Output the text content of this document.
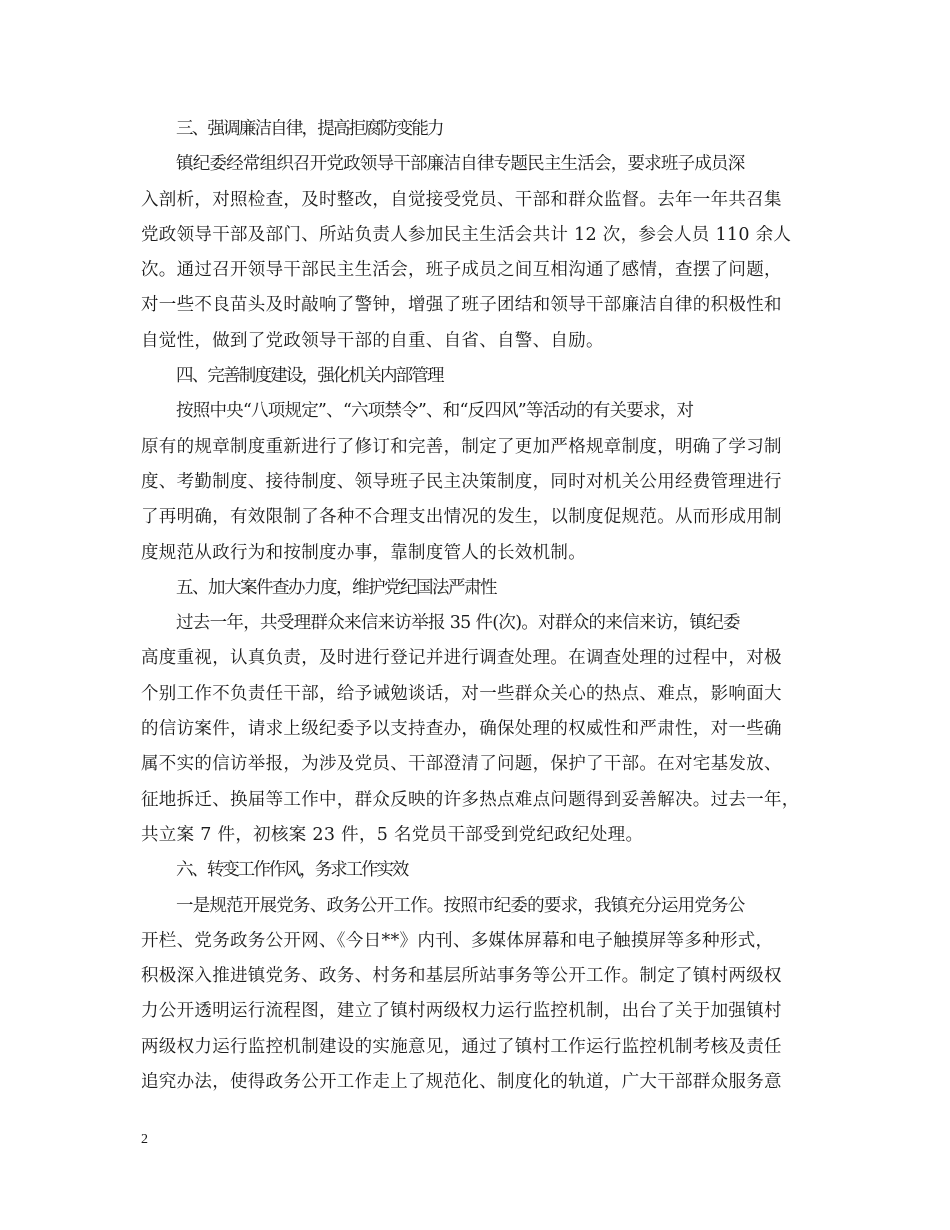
三、强调廉洁自律，提高拒腐防变能力

镇纪委经常组织召开党政领导干部廉洁自律专题民主生活会，要求班子成员深
入剖析，对照检查，及时整改，自觉接受党员、干部和群众监督。去年一年共召集
党政领导干部及部门、所站负责人参加民主生活会共计 12 次，参会人员 110 余人
次。通过召开领导干部民主生活会，班子成员之间互相沟通了感情，查摆了问题，
对一些不良苗头及时敲响了警钟，增强了班子团结和领导干部廉洁自律的积极性和
自觉性，做到了党政领导干部的自重、自省、自警、自励。

四、完善制度建设，强化机关内部管理

按照中央“八项规定”、“六项禁令”、和“反四风”等活动的有关要求，对
原有的规章制度重新进行了修订和完善，制定了更加严格规章制度，明确了学习制
度、考勤制度、接待制度、领导班子民主决策制度，同时对机关公用经费管理进行
了再明确，有效限制了各种不合理支出情况的发生，以制度促规范。从而形成用制
度规范从政行为和按制度办事，靠制度管人的长效机制。

五、加大案件查办力度，维护党纪国法严肃性

过去一年，共受理群众来信来访举报 35 件(次)。对群众的来信来访，镇纪委
高度重视，认真负责，及时进行登记并进行调查处理。在调查处理的过程中，对极
个别工作不负责任干部，给予诫勉谈话，对一些群众关心的热点、难点，影响面大
的信访案件，请求上级纪委予以支持查办，确保处理的权威性和严肃性，对一些确
属不实的信访举报，为涉及党员、干部澄清了问题，保护了干部。在对宅基发放、
征地拆迁、换届等工作中，群众反映的许多热点难点问题得到妥善解决。过去一年，
共立案 7 件，初核案 23 件，5 名党员干部受到党纪政纪处理。

六、转变工作作风，务求工作实效

一是规范开展党务、政务公开工作。按照市纪委的要求，我镇充分运用党务公
开栏、党务政务公开网、《今日**》内刊、多媒体屏幕和电子触摸屏等多种形式，
积极深入推进镇党务、政务、村务和基层所站事务等公开工作。制定了镇村两级权
力公开透明运行流程图，建立了镇村两级权力运行监控机制，出台了关于加强镇村
两级权力运行监控机制建设的实施意见，通过了镇村工作运行监控机制考核及责任
追究办法，使得政务公开工作走上了规范化、制度化的轨道，广大干部群众服务意

2
